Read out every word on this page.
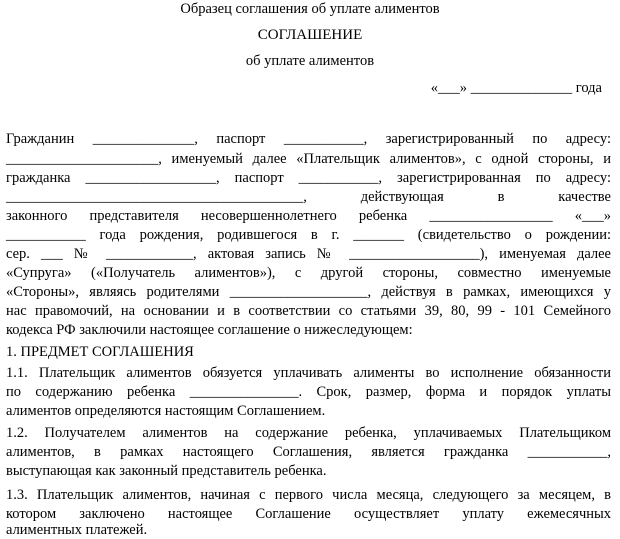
Образец соглашения об уплате алиментов
СОГЛАШЕНИЕ
об уплате алиментов
«___» ______________ года
Гражданин ______________, паспорт ___________, зарегистрированный по адресу:
_____________________, именуемый далее «Плательщик алиментов», с одной стороны, и
гражданка __________________, паспорт ___________, зарегистрированная по адресу:
_________________________________________, действующая в качестве
законного представителя несовершеннолетнего ребенка _________________ «___»
___________ года рождения, родившегося в г. _______ (свидетельство о рождении:
сер. ___ № ____________, актовая запись № __________________), именуемая далее
«Супруга» («Получатель алиментов»), с другой стороны, совместно именуемые
«Стороны», являясь родителями ___________________, действуя в рамках, имеющихся у
нас правомочий, на основании и в соответствии со статьями 39, 80, 99 - 101 Семейного
кодекса РФ заключили настоящее соглашение о нижеследующем:
1. ПРЕДМЕТ СОГЛАШЕНИЯ
1.1. Плательщик алиментов обязуется уплачивать алименты во исполнение обязанности
по содержанию ребенка _______________. Срок, размер, форма и порядок уплаты
алиментов определяются настоящим Соглашением.
1.2. Получателем алиментов на содержание ребенка, уплачиваемых Плательщиком
алиментов, в рамках настоящего Соглашения, является гражданка ___________,
выступающая как законный представитель ребенка.
1.3. Плательщик алиментов, начиная с первого числа месяца, следующего за месяцем, в
котором заключено настоящее Соглашение осуществляет уплату ежемесячных
алиментных платежей.
